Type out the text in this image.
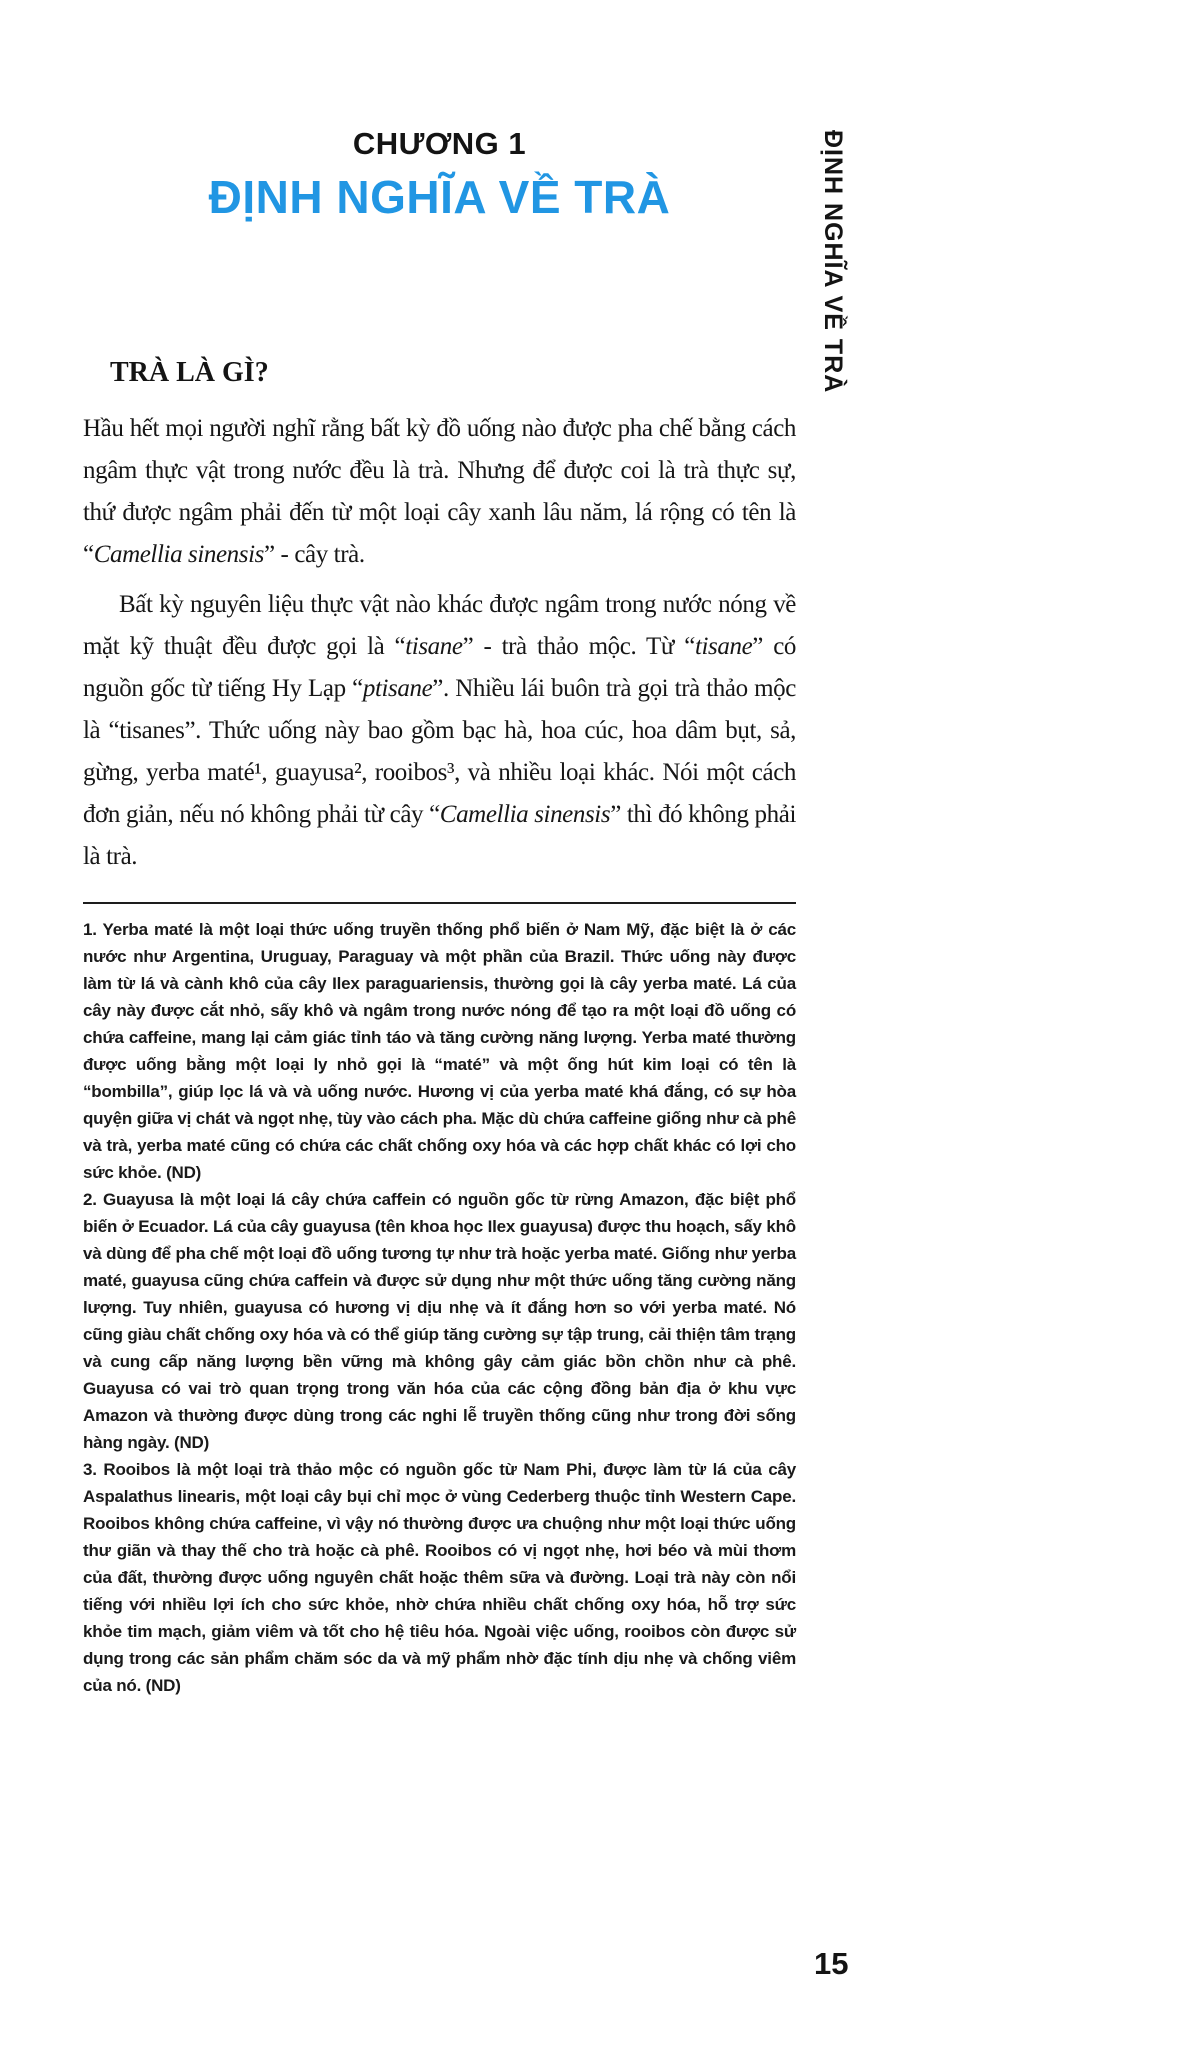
ĐỊNH NGHĨA VỀ TRÀ
CHƯƠNG 1
ĐỊNH NGHĨA VỀ TRÀ
TRÀ LÀ GÌ?

Hầu hết mọi người nghĩ rằng bất kỳ đồ uống nào được pha chế bằng cách ngâm thực vật trong nước đều là trà. Nhưng để được coi là trà thực sự, thứ được ngâm phải đến từ một loại cây xanh lâu năm, lá rộng có tên là “Camellia sinensis” - cây trà.

Bất kỳ nguyên liệu thực vật nào khác được ngâm trong nước nóng về mặt kỹ thuật đều được gọi là “tisane” - trà thảo mộc. Từ “tisane” có nguồn gốc từ tiếng Hy Lạp “ptisane”. Nhiều lái buôn trà gọi trà thảo mộc là “tisanes”. Thức uống này bao gồm bạc hà, hoa cúc, hoa dâm bụt, sả, gừng, yerba maté¹, guayusa², rooibos³, và nhiều loại khác. Nói một cách đơn giản, nếu nó không phải từ cây “Camellia sinensis” thì đó không phải là trà.

1. Yerba maté là một loại thức uống truyền thống phổ biến ở Nam Mỹ, đặc biệt là ở các nước như Argentina, Uruguay, Paraguay và một phần của Brazil. Thức uống này được làm từ lá và cành khô của cây Ilex paraguariensis, thường gọi là cây yerba maté. Lá của cây này được cắt nhỏ, sấy khô và ngâm trong nước nóng để tạo ra một loại đồ uống có chứa caffeine, mang lại cảm giác tỉnh táo và tăng cường năng lượng. Yerba maté thường được uống bằng một loại ly nhỏ gọi là “maté” và một ống hút kim loại có tên là “bombilla”, giúp lọc lá và và uống nước. Hương vị của yerba maté khá đắng, có sự hòa quyện giữa vị chát và ngọt nhẹ, tùy vào cách pha. Mặc dù chứa caffeine giống như cà phê và trà, yerba maté cũng có chứa các chất chống oxy hóa và các hợp chất khác có lợi cho sức khỏe. (ND)

2. Guayusa là một loại lá cây chứa caffein có nguồn gốc từ rừng Amazon, đặc biệt phổ biến ở Ecuador. Lá của cây guayusa (tên khoa học Ilex guayusa) được thu hoạch, sấy khô và dùng để pha chế một loại đồ uống tương tự như trà hoặc yerba maté. Giống như yerba maté, guayusa cũng chứa caffein và được sử dụng như một thức uống tăng cường năng lượng. Tuy nhiên, guayusa có hương vị dịu nhẹ và ít đắng hơn so với yerba maté. Nó cũng giàu chất chống oxy hóa và có thể giúp tăng cường sự tập trung, cải thiện tâm trạng và cung cấp năng lượng bền vững mà không gây cảm giác bồn chồn như cà phê. Guayusa có vai trò quan trọng trong văn hóa của các cộng đồng bản địa ở khu vực Amazon và thường được dùng trong các nghi lễ truyền thống cũng như trong đời sống hàng ngày. (ND)

3. Rooibos là một loại trà thảo mộc có nguồn gốc từ Nam Phi, được làm từ lá của cây Aspalathus linearis, một loại cây bụi chỉ mọc ở vùng Cederberg thuộc tỉnh Western Cape. Rooibos không chứa caffeine, vì vậy nó thường được ưa chuộng như một loại thức uống thư giãn và thay thế cho trà hoặc cà phê. Rooibos có vị ngọt nhẹ, hơi béo và mùi thơm của đất, thường được uống nguyên chất hoặc thêm sữa và đường. Loại trà này còn nổi tiếng với nhiều lợi ích cho sức khỏe, nhờ chứa nhiều chất chống oxy hóa, hỗ trợ sức khỏe tim mạch, giảm viêm và tốt cho hệ tiêu hóa. Ngoài việc uống, rooibos còn được sử dụng trong các sản phẩm chăm sóc da và mỹ phẩm nhờ đặc tính dịu nhẹ và chống viêm của nó. (ND)

15
